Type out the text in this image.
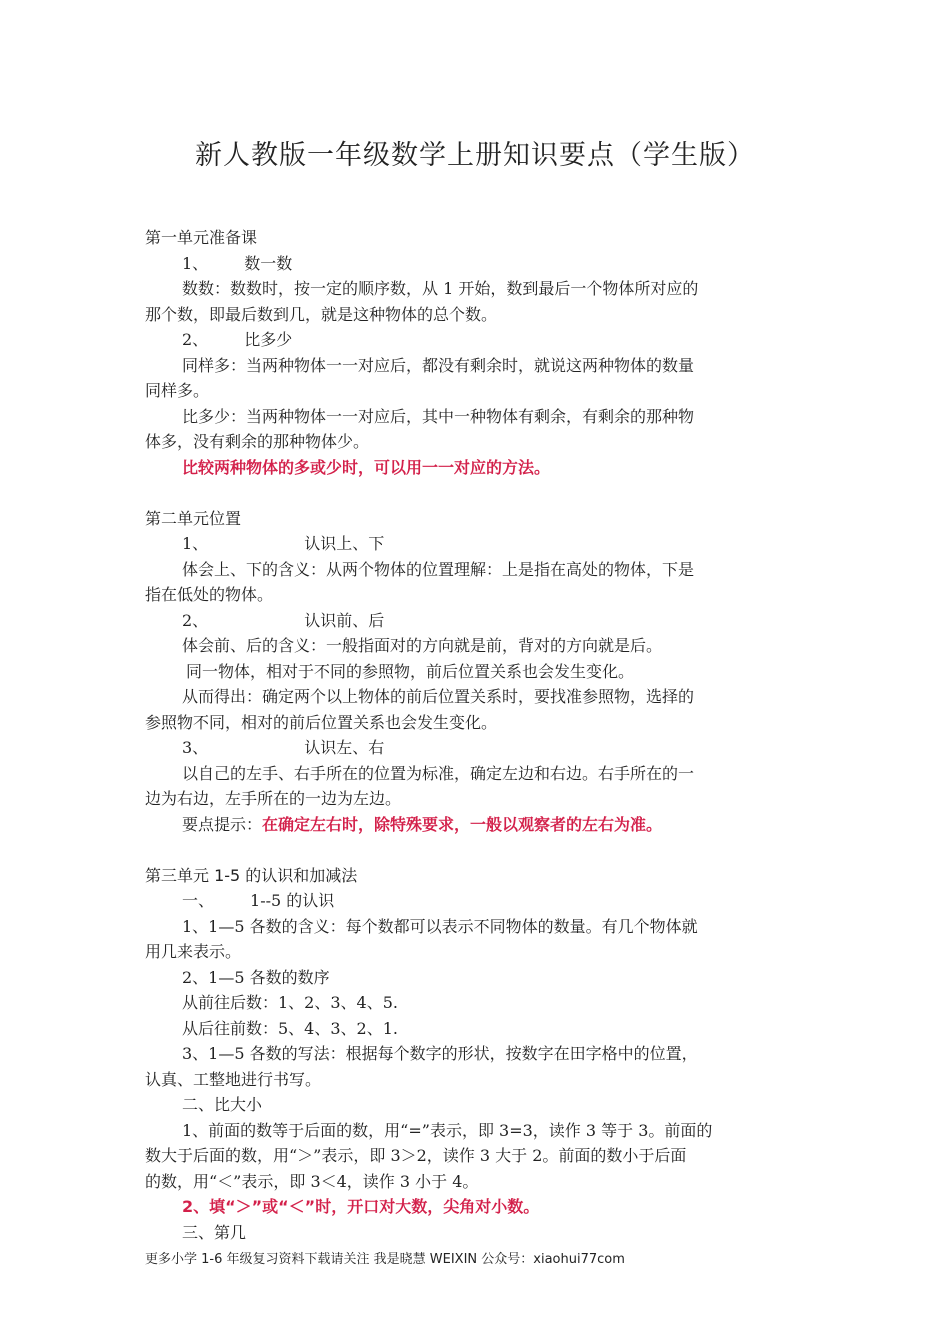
新人教版一年级数学上册知识要点（学生版）
第一单元准备课
1、 数一数
数数：数数时，按一定的顺序数，从 1 开始，数到最后一个物体所对应的
那个数，即最后数到几，就是这种物体的总个数。
2、 比多少
同样多：当两种物体一一对应后，都没有剩余时，就说这两种物体的数量
同样多。
比多少：当两种物体一一对应后，其中一种物体有剩余，有剩余的那种物
体多，没有剩余的那种物体少。
比较两种物体的多或少时，可以用一一对应的方法。
第二单元位置
1、	认识上、下
体会上、下的含义：从两个物体的位置理解：上是指在高处的物体，下是
指在低处的物体。
2、	认识前、后
体会前、后的含义：一般指面对的方向就是前，背对的方向就是后。
同一物体，相对于不同的参照物，前后位置关系也会发生变化。
从而得出：确定两个以上物体的前后位置关系时，要找准参照物，选择的
参照物不同，相对的前后位置关系也会发生变化。
3、	认识左、右
以自己的左手、右手所在的位置为标准，确定左边和右边。右手所在的一
边为右边，左手所在的一边为左边。
要点提示：在确定左右时，除特殊要求，一般以观察者的左右为准。
第三单元 1-5 的认识和加减法
一、 1--5 的认识
1、1—5 各数的含义：每个数都可以表示不同物体的数量。有几个物体就
用几来表示。
2、1—5 各数的数序
从前往后数：1、2、3、4、5.
从后往前数：5、4、3、2、1.
3、1—5 各数的写法：根据每个数字的形状，按数字在田字格中的位置，
认真、工整地进行书写。
二、比大小
1、前面的数等于后面的数，用“=”表示，即 3=3，读作 3 等于 3。前面的
数大于后面的数，用“＞”表示，即 3＞2，读作 3 大于 2。前面的数小于后面
的数，用“＜”表示，即 3＜4，读作 3 小于 4。
2、填“＞”或“＜”时，开口对大数，尖角对小数。
三、第几
更多小学 1-6 年级复习资料下载请关注 我是晓慧 WEIXIN 公众号：xiaohui77com
